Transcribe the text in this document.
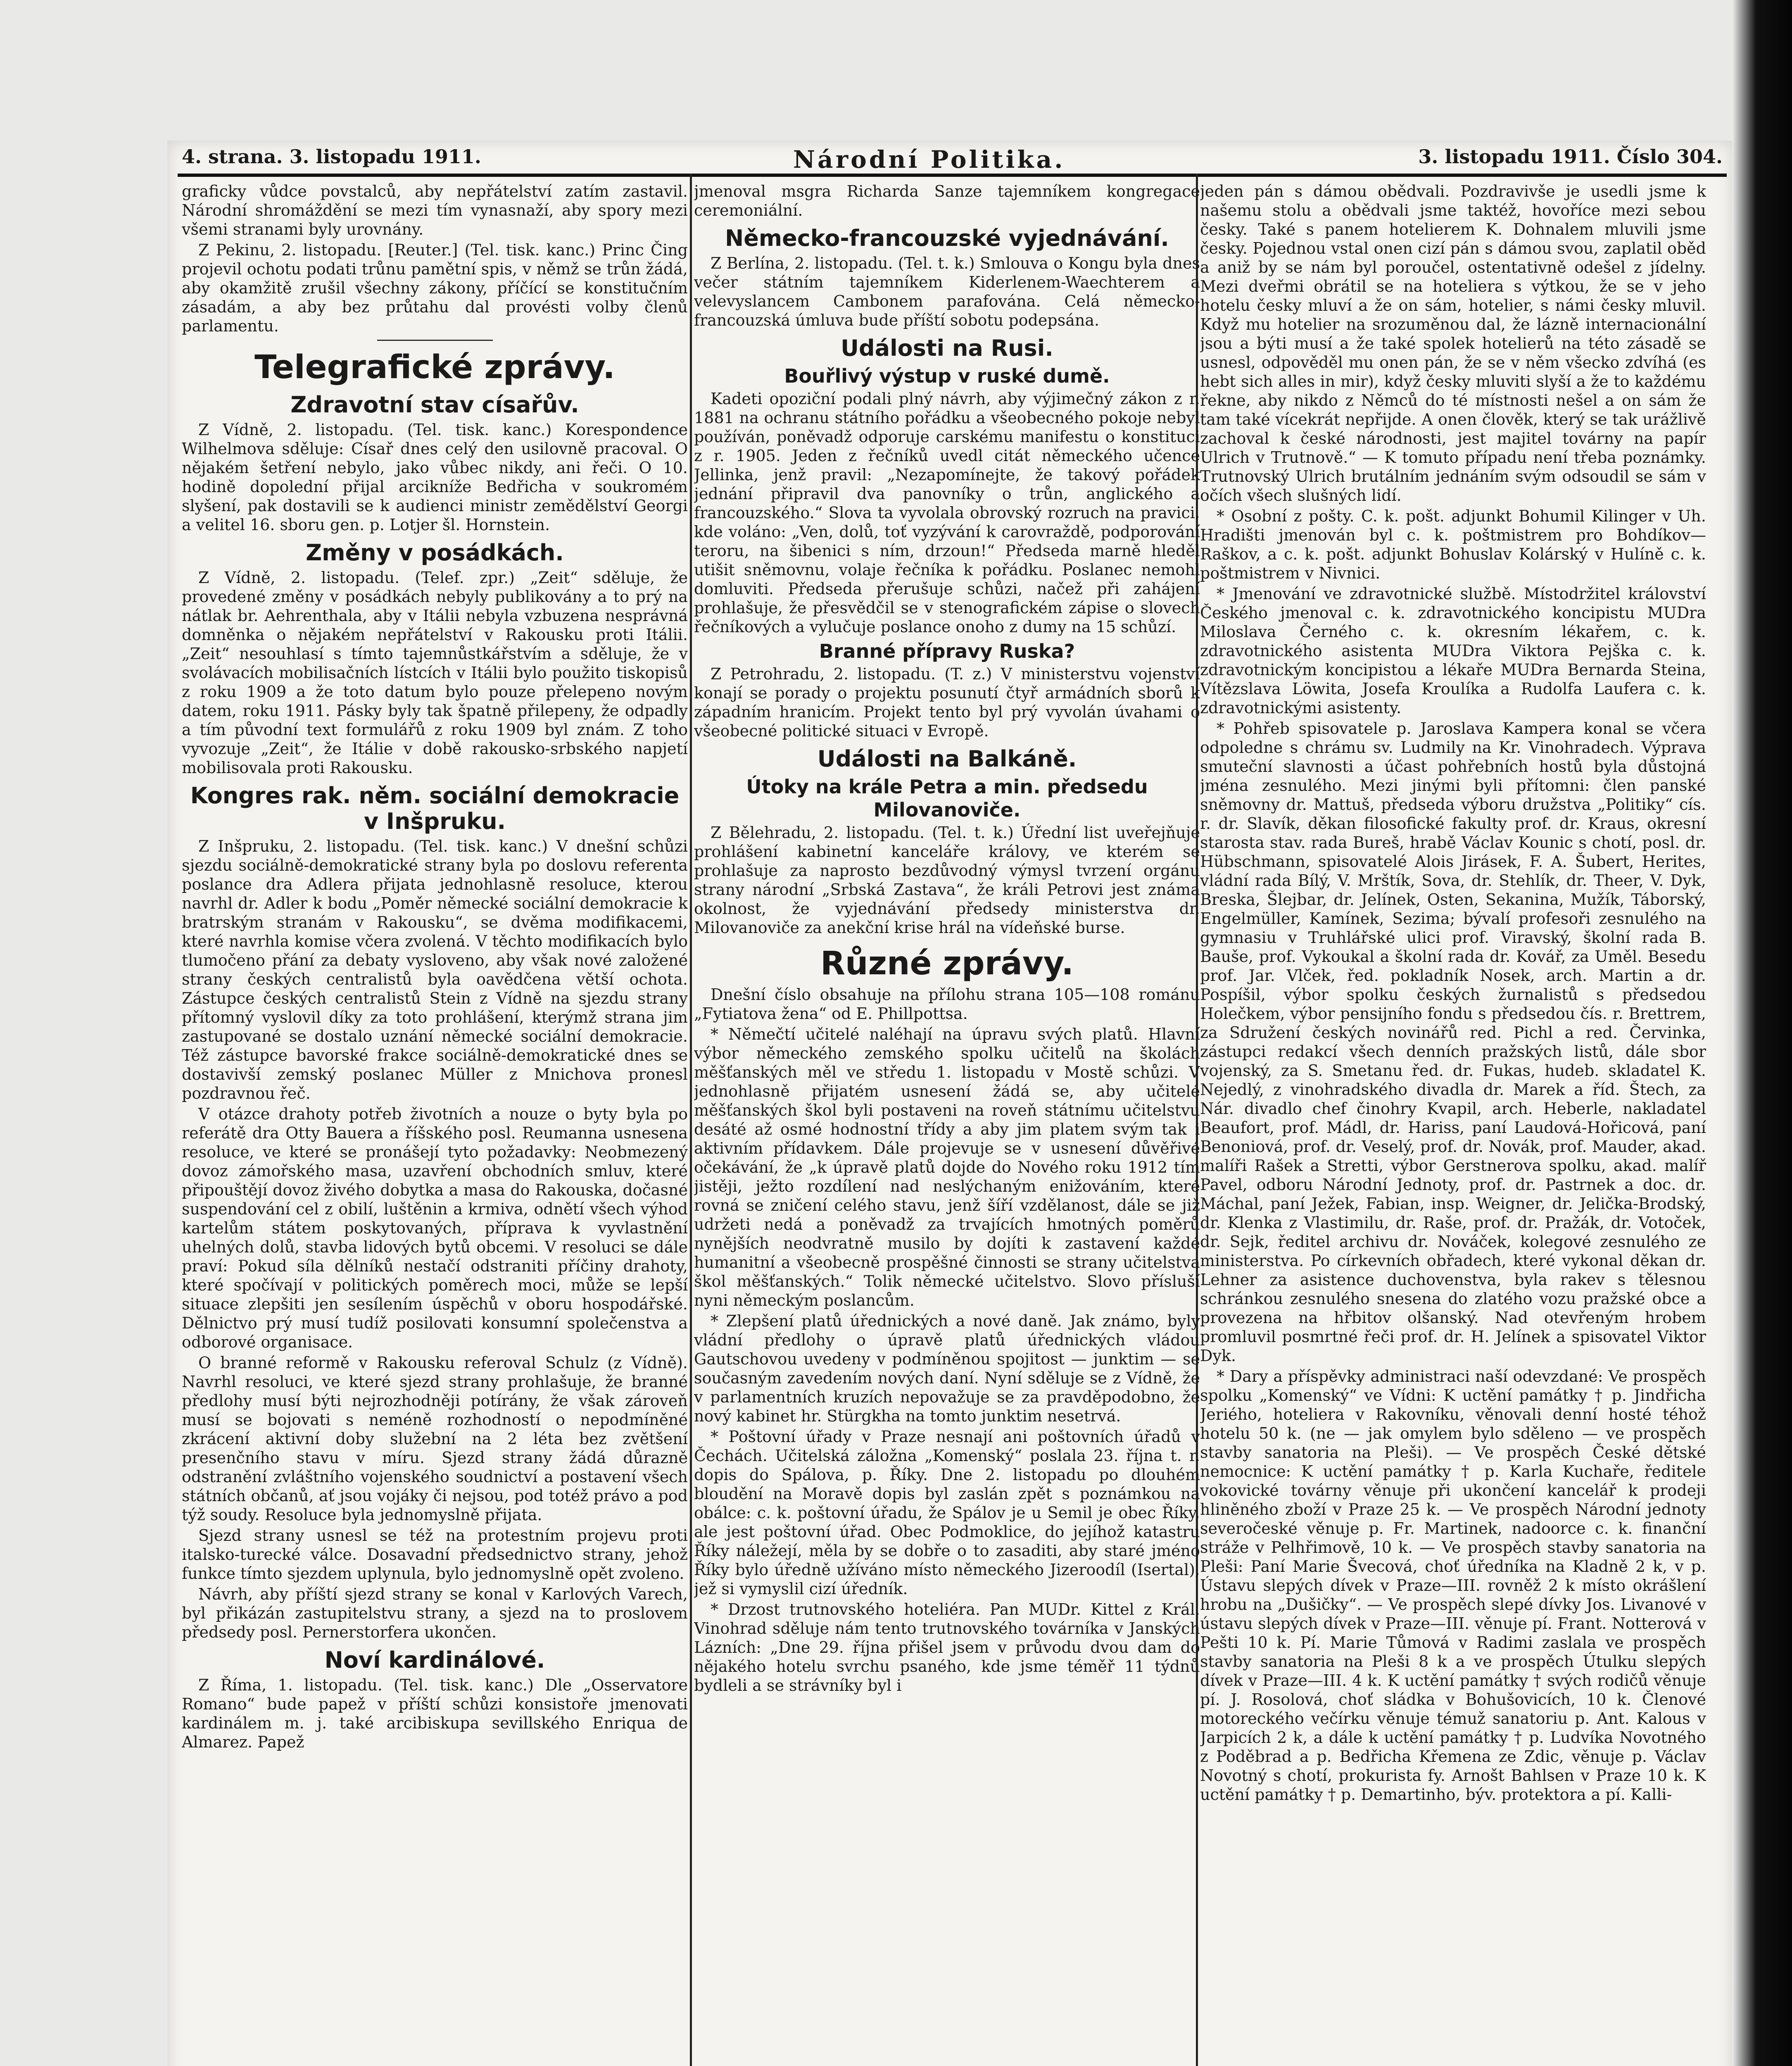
4. strana. 3. listopadu 1911.	Národní Politika.	3. listopadu 1911. Číslo 304.

graficky vůdce povstalců, aby nepřátelství zatím zastavil. Národní shromáždění se mezi tím vynasnaží, aby spory mezi všemi stranami byly urovnány.

Z Pekinu, 2. listopadu. [Reuter.] (Tel. tisk. kanc.) Princ Čing projevil ochotu podati trůnu pamětní spis, v němž se trůn žádá, aby okamžitě zrušil všechny zákony, příčící se konstitučním zásadám, a aby bez průtahu dal provésti volby členů parlamentu.

Telegrafické zprávy.
Zdravotní stav císařův.

Z Vídně, 2. listopadu. (Tel. tisk. kanc.) Korespondence Wilhelmova sděluje: Císař dnes celý den usilovně pracoval. O nějakém šetření nebylo, jako vůbec nikdy, ani řeči. O 10. hodině dopolední přijal arcikníže Bedřicha v soukromém slyšení, pak dostavili se k audienci ministr zemědělství Georgi a velitel 16. sboru gen. p. Lotjer šl. Hornstein.

Změny v posádkách.

Z Vídně, 2. listopadu. (Telef. zpr.) „Zeit“ sděluje, že provedené změny v posádkách nebyly publikovány a to prý na nátlak br. Aehrenthala, aby v Itálii nebyla vzbuzena nesprávná domněnka o nějakém nepřátelství v Rakousku proti Itálii. „Zeit“ nesouhlasí s tímto tajemnůstkářstvím a sděluje, že v svolávacích mobilisačních lístcích v Itálii bylo použito tiskopisů z roku 1909 a že toto datum bylo pouze přelepeno novým datem, roku 1911. Pásky byly tak špatně přilepeny, že odpadly a tím původní text formulářů z roku 1909 byl znám. Z toho vyvozuje „Zeit“, že Itálie v době rakousko-srbského napjetí mobilisovala proti Rakousku.

Kongres rak. něm. sociální demokracie v Inšpruku.

Z Inšpruku, 2. listopadu. (Tel. tisk. kanc.) V dnešní schůzi sjezdu sociálně-demokratické strany byla po doslovu referenta poslance dra Adlera přijata jednohlasně resoluce, kterou navrhl dr. Adler k bodu „Poměr německé sociální demokracie k bratrským stranám v Rakousku“, se dvěma modifikacemi, které navrhla komise včera zvolená. V těchto modifikacích bylo tlumočeno přání za debaty vysloveno, aby však nové založené strany českých centralistů byla oavědčena větší ochota. Zástupce českých centralistů Stein z Vídně na sjezdu strany přítomný vyslovil díky za toto prohlášení, kterýmž strana jim zastupované se dostalo uznání německé sociální demokracie. Též zástupce bavorské frakce sociálně-demokratické dnes se dostavivší zemský poslanec Müller z Mnichova pronesl pozdravnou řeč.

V otázce drahoty potřeb životních a nouze o byty byla po referátě dra Otty Bauera a říšského posl. Reumanna usnesena resoluce, ve které se pronášejí tyto požadavky: Neobmezený dovoz zámořského masa, uzavření obchodních smluv, které připouštějí dovoz živého dobytka a masa do Rakouska, dočasné suspendování cel z obilí, luštěnin a krmiva, odnětí všech výhod kartelům státem poskytovaných, příprava k vyvlastnění uhelných dolů, stavba lidových bytů obcemi. V resoluci se dále praví: Pokud síla dělníků nestačí odstraniti příčiny drahoty, které spočívají v politických poměrech moci, může se lepší situace zlepšiti jen sesílením úspěchů v oboru hospodářské. Dělnictvo prý musí tudíž posilovati konsumní společenstva a odborové organisace.

O branné reformě v Rakousku referoval Schulz (z Vídně). Navrhl resoluci, ve které sjezd strany prohlašuje, že branné předlohy musí býti nejrozhodněji potírány, že však zároveň musí se bojovati s neméně rozhodností o nepodmíněné zkrácení aktivní doby služební na 2 léta bez zvětšení presenčního stavu v míru. Sjezd strany žádá důrazně odstranění zvláštního vojenského soudnictví a postavení všech státních občanů, ať jsou vojáky či nejsou, pod totéž právo a pod týž soudy. Resoluce byla jednomyslně přijata.

Sjezd strany usnesl se též na protestním projevu proti italsko-turecké válce. Dosavadní předsednictvo strany, jehož funkce tímto sjezdem uplynula, bylo jednomyslně opět zvoleno.

Návrh, aby příští sjezd strany se konal v Karlových Varech, byl přikázán zastupitelstvu strany, a sjezd na to proslovem předsedy posl. Pernerstorfera ukončen.

Noví kardinálové.

Z Říma, 1. listopadu. (Tel. tisk. kanc.) Dle „Osservatore Romano“ bude papež v příští schůzi konsistoře jmenovati kardinálem m. j. také arcibiskupa sevillského Enriqua de Almarez. Papež

jmenoval msgra Richarda Sanze tajemníkem kongregace ceremoniální.

Německo-francouzské vyjednávání.

Z Berlína, 2. listopadu. (Tel. t. k.) Smlouva o Kongu byla dnes večer státním tajemníkem Kiderlenem-Waechterem a velevyslancem Cambonem parafována. Celá německo-francouzská úmluva bude příští sobotu podepsána.

Události na Rusi.
Bouřlivý výstup v ruské dumě.

Kadeti opoziční podali plný návrh, aby výjimečný zákon z r. 1881 na ochranu státního pořádku a všeobecného pokoje nebyl používán, poněvadž odporuje carskému manifestu o konstituci z r. 1905. Jeden z řečníků uvedl citát německého učence Jellinka, jenž pravil: „Nezapomínejte, že takový pořádek jednání připravil dva panovníky o trůn, anglického a francouzského.“ Slova ta vyvolala obrovský rozruch na pravici, kde voláno: „Ven, dolů, toť vyzývání k carovraždě, podporování teroru, na šibenici s ním, drzoun!“ Předseda marně hleděl utišit sněmovnu, volaje řečníka k pořádku. Poslanec nemohl domluviti. Předseda přerušuje schůzi, načež při zahájení prohlašuje, že přesvědčil se v stenografickém zápise o slovech řečníkových a vylučuje poslance onoho z dumy na 15 schůzí.

Branné přípravy Ruska?

Z Petrohradu, 2. listopadu. (T. z.) V ministerstvu vojenství konají se porady o projektu posunutí čtyř armádních sborů k západním hranicím. Projekt tento byl prý vyvolán úvahami o všeobecné politické situaci v Evropě.

Události na Balkáně.
Útoky na krále Petra a min. předsedu Milovanoviče.

Z Bělehradu, 2. listopadu. (Tel. t. k.) Úřední list uveřejňuje prohlášení kabinetní kanceláře královy, ve kterém se prohlašuje za naprosto bezdůvodný výmysl tvrzení orgánu strany národní „Srbská Zastava“, že králi Petrovi jest známa okolnost, že vyjednávání předsedy ministerstva dr. Milovanoviče za anekční krise hrál na vídeňské burse.

Různé zprávy.

Dnešní číslo obsahuje na přílohu strana 105—108 románu „Fytiatova žena“ od E. Phillpottsa.

* Němečtí učitelé naléhají na úpravu svých platů. Hlavní výbor německého zemského spolku učitelů na školách měšťanských měl ve středu 1. listopadu v Mostě schůzi. V jednohlasně přijatém usnesení žádá se, aby učitelé měšťanských škol byli postaveni na roveň státnímu učitelstvu desáté až osmé hodnostní třídy a aby jim platem svým tak i aktivním přídavkem. Dále projevuje se v usnesení důvěřivé očekávání, že „k úpravě platů dojde do Nového roku 1912 tím jistěji, ježto rozdílení nad neslýchaným enižováním, které rovná se zničení celého stavu, jenž šíří vzdělanost, dále se již udržeti nedá a poněvadž za trvajících hmotných poměrů nynějších neodvratně musilo by dojíti k zastavení každé humanitní a všeobecně prospěšné činnosti se strany učitelstva škol měšťanských.“ Tolik německé učitelstvo. Slovo přísluší nyni německým poslancům.

* Zlepšení platů úřednických a nové daně. Jak známo, byly vládní předlohy o úpravě platů úřednických vládou Gautschovou uvedeny v podmíněnou spojitost — junktim — se současným zavedením nových daní. Nyní sděluje se z Vídně, že v parlamentních kruzích nepovažuje se za pravděpodobno, že nový kabinet hr. Stürgkha na tomto junktim nesetrvá.

* Poštovní úřady v Praze nesnají ani poštovních úřadů v Čechách. Učitelská záložna „Komenský“ poslala 23. října t. r. dopis do Spálova, p. Říky. Dne 2. listopadu po dlouhém bloudění na Moravě dopis byl zaslán zpět s poznámkou na obálce: c. k. poštovní úřadu, že Spálov je u Semil je obec Říky, ale jest poštovní úřad. Obec Podmoklice, do jejíhož katastru Říky náležejí, měla by se dobře o to zasaditi, aby staré jméno Říky bylo úředně užíváno místo německého Jizeroodíl (Isertal), jež si vymyslil cizí úředník.

* Drzost trutnovského hoteliéra. Pan MUDr. Kittel z Král. Vinohrad sděluje nám tento trutnovského továrníka v Janských Lázních: „Dne 29. října přišel jsem v průvodu dvou dam do nějakého hotelu svrchu psaného, kde jsme téměř 11 týdnů bydleli a se strávníky byl i

jeden pán s dámou obědvali. Pozdravivše je usedli jsme k našemu stolu a obědvali jsme taktéž, hovoříce mezi sebou česky. Také s panem hotelierem K. Dohnalem mluvili jsme česky. Pojednou vstal onen cizí pán s dámou svou, zaplatil oběd a aniž by se nám byl poroučel, ostentativně odešel z jídelny. Mezi dveřmi obrátil se na hoteliera s výtkou, že se v jeho hotelu česky mluví a že on sám, hotelier, s námi česky mluvil. Když mu hotelier na srozuměnou dal, že lázně internacionální jsou a býti musí a že také spolek hotelierů na této zásadě se usnesl, odpověděl mu onen pán, že se v něm všecko zdvíhá (es hebt sich alles in mir), když česky mluviti slyší a že to každému řekne, aby nikdo z Němců do té místnosti nešel a on sám že tam také vícekrát nepřijde. A onen člověk, který se tak urážlivě zachoval k české národnosti, jest majitel továrny na papír Ulrich v Trutnově.“ — K tomuto případu není třeba poznámky. Trutnovský Ulrich brutálním jednáním svým odsoudil se sám v očích všech slušných lidí.

* Osobní z pošty. C. k. pošt. adjunkt Bohumil Kilinger v Uh. Hradišti jmenován byl c. k. poštmistrem pro Bohdíkov—Raškov, a c. k. pošt. adjunkt Bohuslav Kolárský v Hulíně c. k. poštmistrem v Nivnici.

* Jmenování ve zdravotnické službě. Místodržitel království Českého jmenoval c. k. zdravotnického koncipistu MUDra Miloslava Černého c. k. okresním lékařem, c. k. zdravotnického asistenta MUDra Viktora Pejška c. k. zdravotnickým koncipistou a lékaře MUDra Bernarda Steina, Vítězslava Löwita, Josefa Kroulíka a Rudolfa Laufera c. k. zdravotnickými asistenty.

* Pohřeb spisovatele p. Jaroslava Kampera konal se včera odpoledne s chrámu sv. Ludmily na Kr. Vinohradech. Výprava smuteční slavnosti a účast pohřebních hostů byla důstojná jména zesnulého. Mezi jinými byli přítomni: člen panské sněmovny dr. Mattuš, předseda výboru družstva „Politiky“ cís. r. dr. Slavík, děkan filosofické fakulty prof. dr. Kraus, okresní starosta stav. rada Bureš, hrabě Václav Kounic s chotí, posl. dr. Hübschmann, spisovatelé Alois Jirásek, F. A. Šubert, Herites, vládní rada Bílý, V. Mrštík, Sova, dr. Stehlík, dr. Theer, V. Dyk, Breska, Šlejbar, dr. Jelínek, Osten, Sekanina, Mužík, Táborský, Engelmüller, Kamínek, Sezima; bývalí profesoři zesnulého na gymnasiu v Truhlářské ulici prof. Viravský, školní rada B. Bauše, prof. Vykoukal a školní rada dr. Kovář, za Uměl. Besedu prof. Jar. Vlček, řed. pokladník Nosek, arch. Martin a dr. Pospíšil, výbor spolku českých žurnalistů s předsedou Holečkem, výbor pensijního fondu s předsedou čís. r. Brettrem, za Sdružení českých novinářů red. Pichl a red. Červinka, zástupci redakcí všech denních pražských listů, dále sbor vojenský, za S. Smetanu řed. dr. Fukas, hudeb. skladatel K. Nejedlý, z vinohradského divadla dr. Marek a říd. Štech, za Nár. divadlo chef činohry Kvapil, arch. Heberle, nakladatel Beaufort, prof. Mádl, dr. Hariss, paní Laudová-Hořicová, paní Benoniová, prof. dr. Veselý, prof. dr. Novák, prof. Mauder, akad. malíři Rašek a Stretti, výbor Gerstnerova spolku, akad. malíř Pavel, odboru Národní Jednoty, prof. dr. Pastrnek a doc. dr. Máchal, paní Ježek, Fabian, insp. Weigner, dr. Jelička-Brodský, dr. Klenka z Vlastimilu, dr. Raše, prof. dr. Pražák, dr. Votoček, dr. Sejk, ředitel archivu dr. Nováček, kolegové zesnulého ze ministerstva. Po církevních obřadech, které vykonal děkan dr. Lehner za asistence duchovenstva, byla rakev s tělesnou schránkou zesnulého snesena do zlatého vozu pražské obce a provezena na hřbitov olšanský. Nad otevřeným hrobem promluvil posmrtné řeči prof. dr. H. Jelínek a spisovatel Viktor Dyk.

* Dary a příspěvky administraci naší odevzdané: Ve prospěch spolku „Komenský“ ve Vídni: K uctění památky † p. Jindřicha Jeriého, hoteliera v Rakovníku, věnovali denní hosté téhož hotelu 50 k. (ne — jak omylem bylo sděleno — ve prospěch stavby sanatoria na Pleši). — Ve prospěch České dětské nemocnice: K uctění památky † p. Karla Kuchaře, ředitele vokovické továrny věnuje při ukončení kancelář k prodeji hliněného zboží v Praze 25 k. — Ve prospěch Národní jednoty severočeské věnuje p. Fr. Martinek, nadoorce c. k. finanční stráže v Pelhřimově, 10 k. — Ve prospěch stavby sanatoria na Pleši: Paní Marie Švecová, choť úředníka na Kladně 2 k, v p. Ústavu slepých dívek v Praze—III. rovněž 2 k místo okrášlení hrobu na „Dušičky“. — Ve prospěch slepé dívky Jos. Livanové v ústavu slepých dívek v Praze—III. věnuje pí. Frant. Notterová v Pešti 10 k. Pí. Marie Tůmová v Radimi zaslala ve prospěch stavby sanatoria na Pleši 8 k a ve prospěch Útulku slepých dívek v Praze—III. 4 k. K uctění památky † svých rodičů věnuje pí. J. Rosolová, choť sládka v Bohušovicích, 10 k. Členové motoreckého večírku věnuje témuž sanatoriu p. Ant. Kalous v Jarpicích 2 k, a dále k uctění památky † p. Ludvíka Novotného z Poděbrad a p. Bedřicha Křemena ze Zdic, věnuje p. Václav Novotný s chotí, prokurista fy. Arnošt Bahlsen v Praze 10 k. K uctění památky † p. Demartinho, býv. protektora a pí. Kalli-
